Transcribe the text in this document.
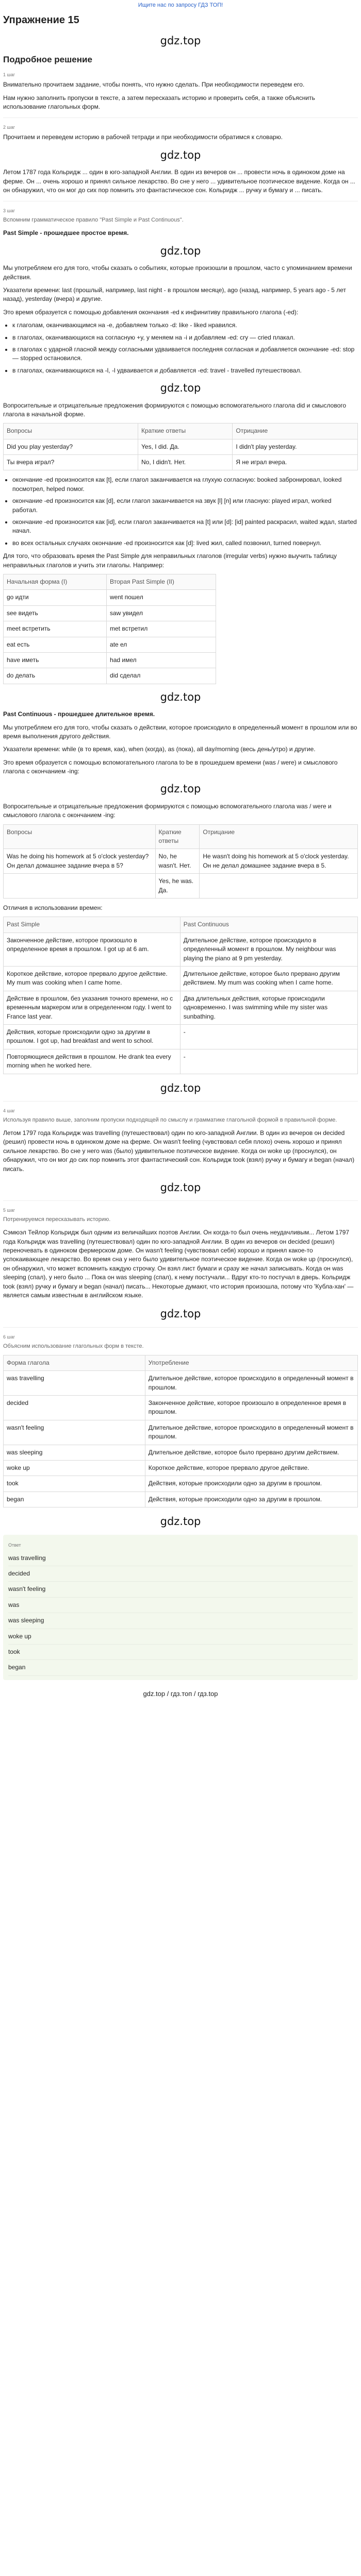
Ищите нас по запросу ГДЗ ТОП!
Упражнение 15
gdz.top
Подробное решение
1 шаг
Внимательно прочитаем задание, чтобы понять, что нужно сделать. При необходимости переведем его.
Нам нужно заполнить пропуски в тексте, а затем пересказать историю и проверить себя, а также объяснить использование глагольных форм.
2 шаг
Прочитаем и переведем историю в рабочей тетради и при необходимости обратимся к словарю.
gdz.top
Летом 1787 года Кольридж ... один в юго-западной Англии. В один из вечеров он ... провести ночь в одиноком доме на ферме. Он ... очень хорошо и принял сильное лекарство. Во сне у него ... удивительное поэтическое видение. Когда он ... он обнаружил, что он мог до сих пор помнить это фантастическое сон. Кольридж ... ручку и бумагу и ... писать.
3 шаг
Вспомним грамматическое правило "Past Simple и Past Continuous".
Past Simple - прошедшее простое время.
gdz.top
Мы употребляем его для того, чтобы сказать о событиях, которые произошли в прошлом, часто с упоминанием времени действия.
Указатели времени: last (прошлый, например, last night - в прошлом месяце), ago (назад, например, 5 years ago - 5 лет назад), yesterday (вчера) и другие.
Это время образуется с помощью добавления окончания -ed к инфинитиву правильного глагола (-ed):
• к глаголам, оканчивающимся на -e, добавляем только -d: like - liked нравился.
• в глаголах, оканчивающихся на согласную +y, у меняем на -i и добавляем -ed: cry — cried плакал.
• в глаголах с ударной гласной между согласными удваивается последняя согласная и добавляется окончание -ed: stop — stopped остановился.
• в глаголах, оканчивающихся на -l, -l удваивается и добавляется -ed: travel - travelled путешествовал.
gdz.top
Вопросительные и отрицательные предложения формируются с помощью вспомогательного глагола did и смыслового глагола в начальной форме.
Вопросы	Краткие ответы	Отрицание
Did you play yesterday?	Yes, I did. Да.	I didn't play yesterday.
Ты вчера играл?	No, I didn't. Нет.	Я не играл вчера.
• окончание -ed произносится как [t], если глагол заканчивается на глухую согласную: booked забронировал, looked посмотрел, helped помог.
• окончание -ed произносится как [d], если глагол заканчивается на звук [l] [n] или гласную: played играл, worked работал.
• окончание -ed произносится как [id], если глагол заканчивается на [t] или [d]: [id] painted раскрасил, waited ждал, started начал.
• во всех остальных случаях окончание -ed произносится как [d]: lived жил, called позвонил, turned повернул.
Для того, что образовать время the Past Simple для неправильных глаголов (irregular verbs) нужно выучить таблицу неправильных глаголов и учить эти глаголы. Например:
Начальная форма (I)	Вторая Past Simple (II)
go идти	went пошел
see видеть	saw увидел
meet встретить	met встретил
eat есть	ate ел
have иметь	had имел
do делать	did сделал
gdz.top
Past Continuous - прошедшее длительное время.
Мы употребляем его для того, чтобы сказать о действии, которое происходило в определенный момент в прошлом или во время выполнения другого действия.
Указатели времени: while (в то время, как), when (когда), as (пока), all day/morning (весь день/утро) и другие.
Это время образуется с помощью вспомогательного глагола to be в прошедшем времени (was / were) и смыслового глагола с окончанием -ing:
gdz.top
Вопросительные и отрицательные предложения формируются с помощью вспомогательного глагола was / were и смыслового глагола с окончанием -ing:
Вопросы	Краткие ответы	Отрицание
Was he doing his homework at 5 o'clock yesterday? Он делал домашнее задание вчера в 5?	No, he wasn't. Нет.	He wasn't doing his homework at 5 o'clock yesterday. Он не делал домашнее задание вчера в 5.
	Yes, he was. Да.	
Отличия в использовании времен:
Past Simple	Past Continuous
Законченное действие, которое произошло в определенное время в прошлом. I got up at 6 am.	Длительное действие, которое происходило в определенный момент в прошлом. My neighbour was playing the piano at 9 pm yesterday.
Короткое действие, которое прервало другое действие. My mum was cooking when I came home.	Длительное действие, которое было прервано другим действием. My mum was cooking when I came home.
Действие в прошлом, без указания точного времени, но с временным маркером или в определенном году. I went to France last year.	Два длительных действия, которые происходили одновременно. I was swimming while my sister was sunbathing.
Действия, которые происходили одно за другим в прошлом. I got up, had breakfast and went to school.	-
Повторяющиеся действия в прошлом. He drank tea every morning when he worked here.	-
gdz.top
4 шаг
Используя правило выше, заполним пропуски подходящей по смыслу и грамматике глагольной формой в правильной форме.
Летом 1797 года Кольридж was travelling (путешествовал) один по юго-западной Англии. В один из вечеров он decided (решил) провести ночь в одиноком доме на ферме. Он wasn't feeling (чувствовал себя плохо) очень хорошо и принял сильное лекарство. Во сне у него was (было) удивительное поэтическое видение. Когда он woke up (проснулся), он обнаружил, что он мог до сих пор помнить этот фантастический сон. Кольридж took (взял) ручку и бумагу и began (начал) писать.
gdz.top
5 шаг
Потренируемся пересказывать историю.
Сэмюэл Тейлор Кольридж был одним из величайших поэтов Англии. Он когда-то был очень неудачливым... Летом 1797 года Кольридж was travelling (путешествовал) один по юго-западной Англии. В один из вечеров он decided (решил) переночевать в одиноком фермерском доме. Он wasn't feeling (чувствовал себя) хорошо и принял какое-то успокаивающее лекарство. Во время сна у него было удивительное поэтическое видение. Когда он woke up (проснулся), он обнаружил, что может вспомнить каждую строчку. Он взял лист бумаги и сразу же начал записывать. Когда он was sleeping (спал), у него было ... Пока он was sleeping (спал), к нему постучали... Вдруг кто-то постучал в дверь. Кольридж took (взял) ручку и бумагу и began (начал) писать... Некоторые думают, что история произошла, потому что 'Кубла-хан' — является самым известным в английском языке.
gdz.top
6 шаг
Объясним использование глагольных форм в тексте.
Форма глагола	Употребление
was travelling	Длительное действие, которое происходило в определенный момент в прошлом.
decided	Законченное действие, которое произошло в определенное время в прошлом.
wasn't feeling	Длительное действие, которое происходило в определенный момент в прошлом.
was sleeping	Длительное действие, которое было прервано другим действием.
woke up	Короткое действие, которое прервало другое действие.
took	Действия, которые происходили одно за другим в прошлом.
began	Действия, которые происходили одно за другим в прошлом.
gdz.top
Ответ
was travelling
decided
wasn't feeling
was
was sleeping
woke up
took
began
gdz.top / гдз.топ / гдз.top
